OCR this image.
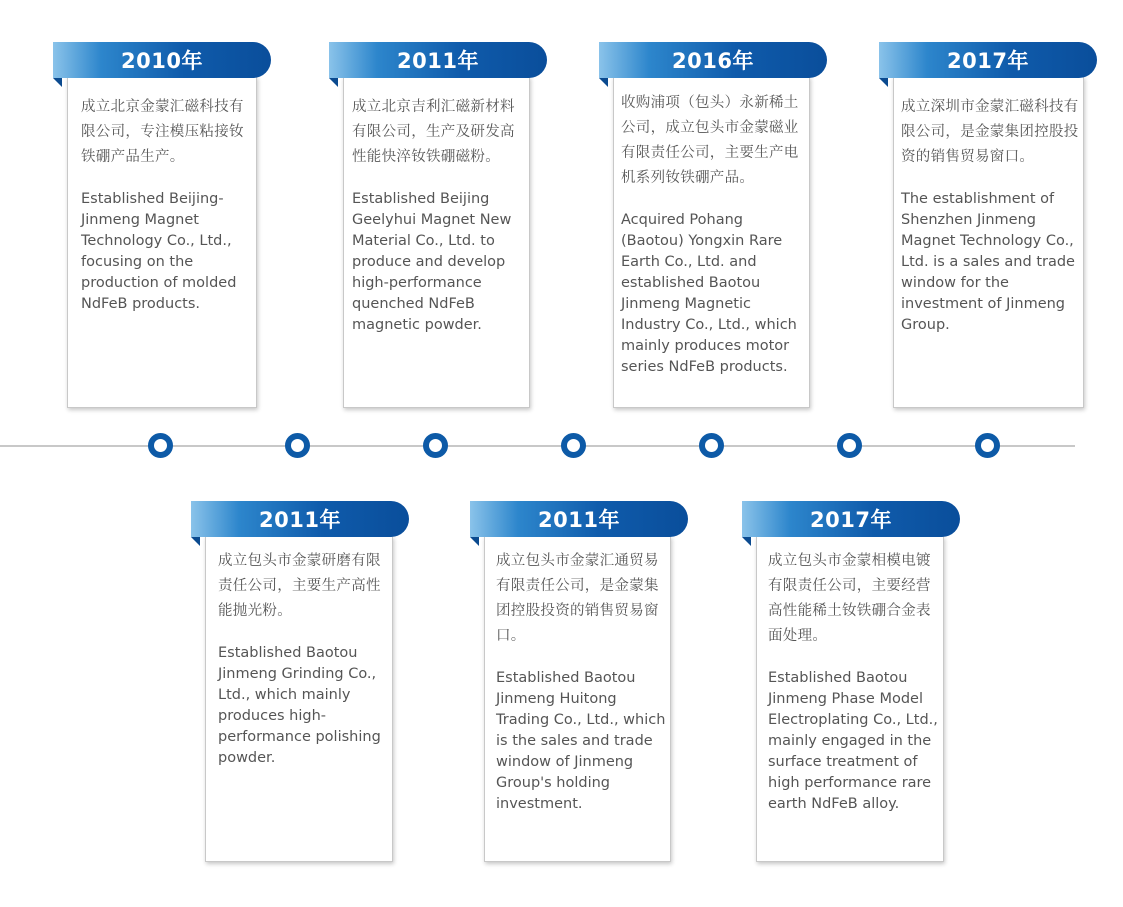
成立北京金蒙汇磁科技有限公司，专注模压粘接钕铁硼产品生产。
Established Beijing-Jinmeng Magnet Technology Co., Ltd., focusing on the production of molded NdFeB products.
2010年
成立北京吉利汇磁新材料有限公司，生产及研发高性能快淬钕铁硼磁粉。
Established Beijing Geelyhui Magnet New Material Co., Ltd. to produce and develop high-performance quenched NdFeB magnetic powder.
2011年
收购浦项（包头）永新稀土公司，成立包头市金蒙磁业有限责任公司，主要生产电机系列钕铁硼产品。
Acquired Pohang (Baotou) Yongxin Rare Earth Co., Ltd. and established Baotou Jinmeng Magnetic Industry Co., Ltd., which mainly produces motor series NdFeB products.
2016年
成立深圳市金蒙汇磁科技有限公司，是金蒙集团控股投资的销售贸易窗口。
The establishment of Shenzhen Jinmeng Magnet Technology Co., Ltd. is a sales and trade window for the investment of Jinmeng Group.
2017年
成立包头市金蒙研磨有限责任公司，主要生产高性能抛光粉。
Established Baotou Jinmeng Grinding Co., Ltd., which mainly produces high-performance polishing powder.
2011年
成立包头市金蒙汇通贸易有限责任公司，是金蒙集团控股投资的销售贸易窗口。
Established Baotou Jinmeng Huitong Trading Co., Ltd., which is the sales and trade window of Jinmeng Group's holding investment.
2011年
成立包头市金蒙相模电镀有限责任公司，主要经营高性能稀土钕铁硼合金表面处理。
Established Baotou Jinmeng Phase Model Electroplating Co., Ltd., mainly engaged in the surface treatment of high performance rare earth NdFeB alloy.
2017年
